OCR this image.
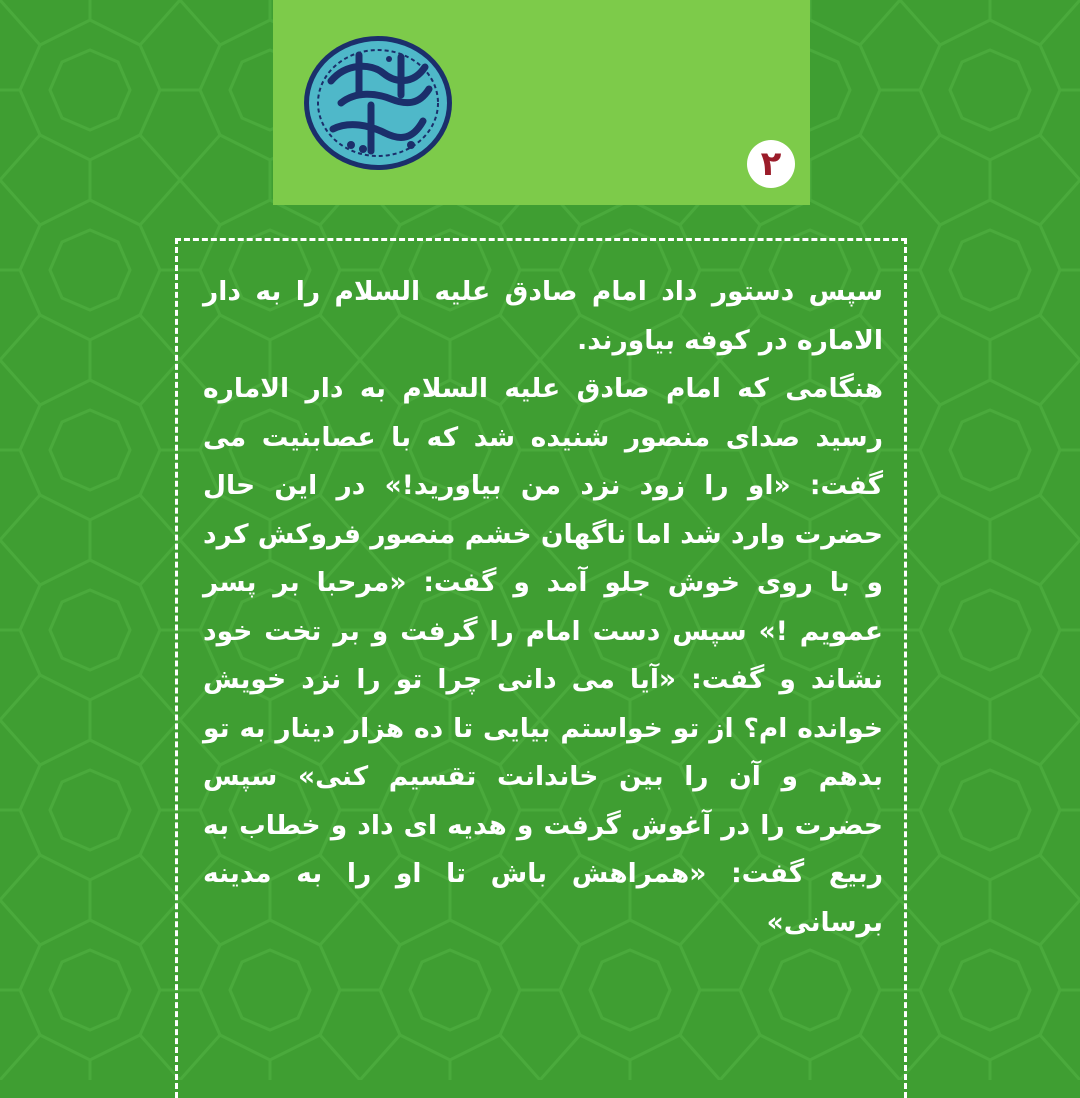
۲

سپس دستور داد امام صادق علیه السلام را به دار الاماره در کوفه بیاورند.

هنگامی که امام صادق علیه السلام به دار الاماره رسید صدای منصور شنیده شد که با عصابنیت می گفت: «او را زود نزد من بیاورید!» در این حال حضرت وارد شد اما ناگهان خشم منصور فروکش کرد و با روی خوش جلو آمد و گفت: «مرحبا بر پسر عمویم !» سپس دست امام را گرفت و بر تخت خود نشاند و گفت: «آیا می دانی چرا تو را نزد خویش خوانده ام؟ از تو خواستم بیایی تا ده هزار دینار به تو بدهم و آن را بین خاندانت تقسیم کنی» سپس حضرت را در آغوش گرفت و هدیه ای داد و خطاب به ربیع گفت: «همراهش باش تا او را به مدینه برسانی»
